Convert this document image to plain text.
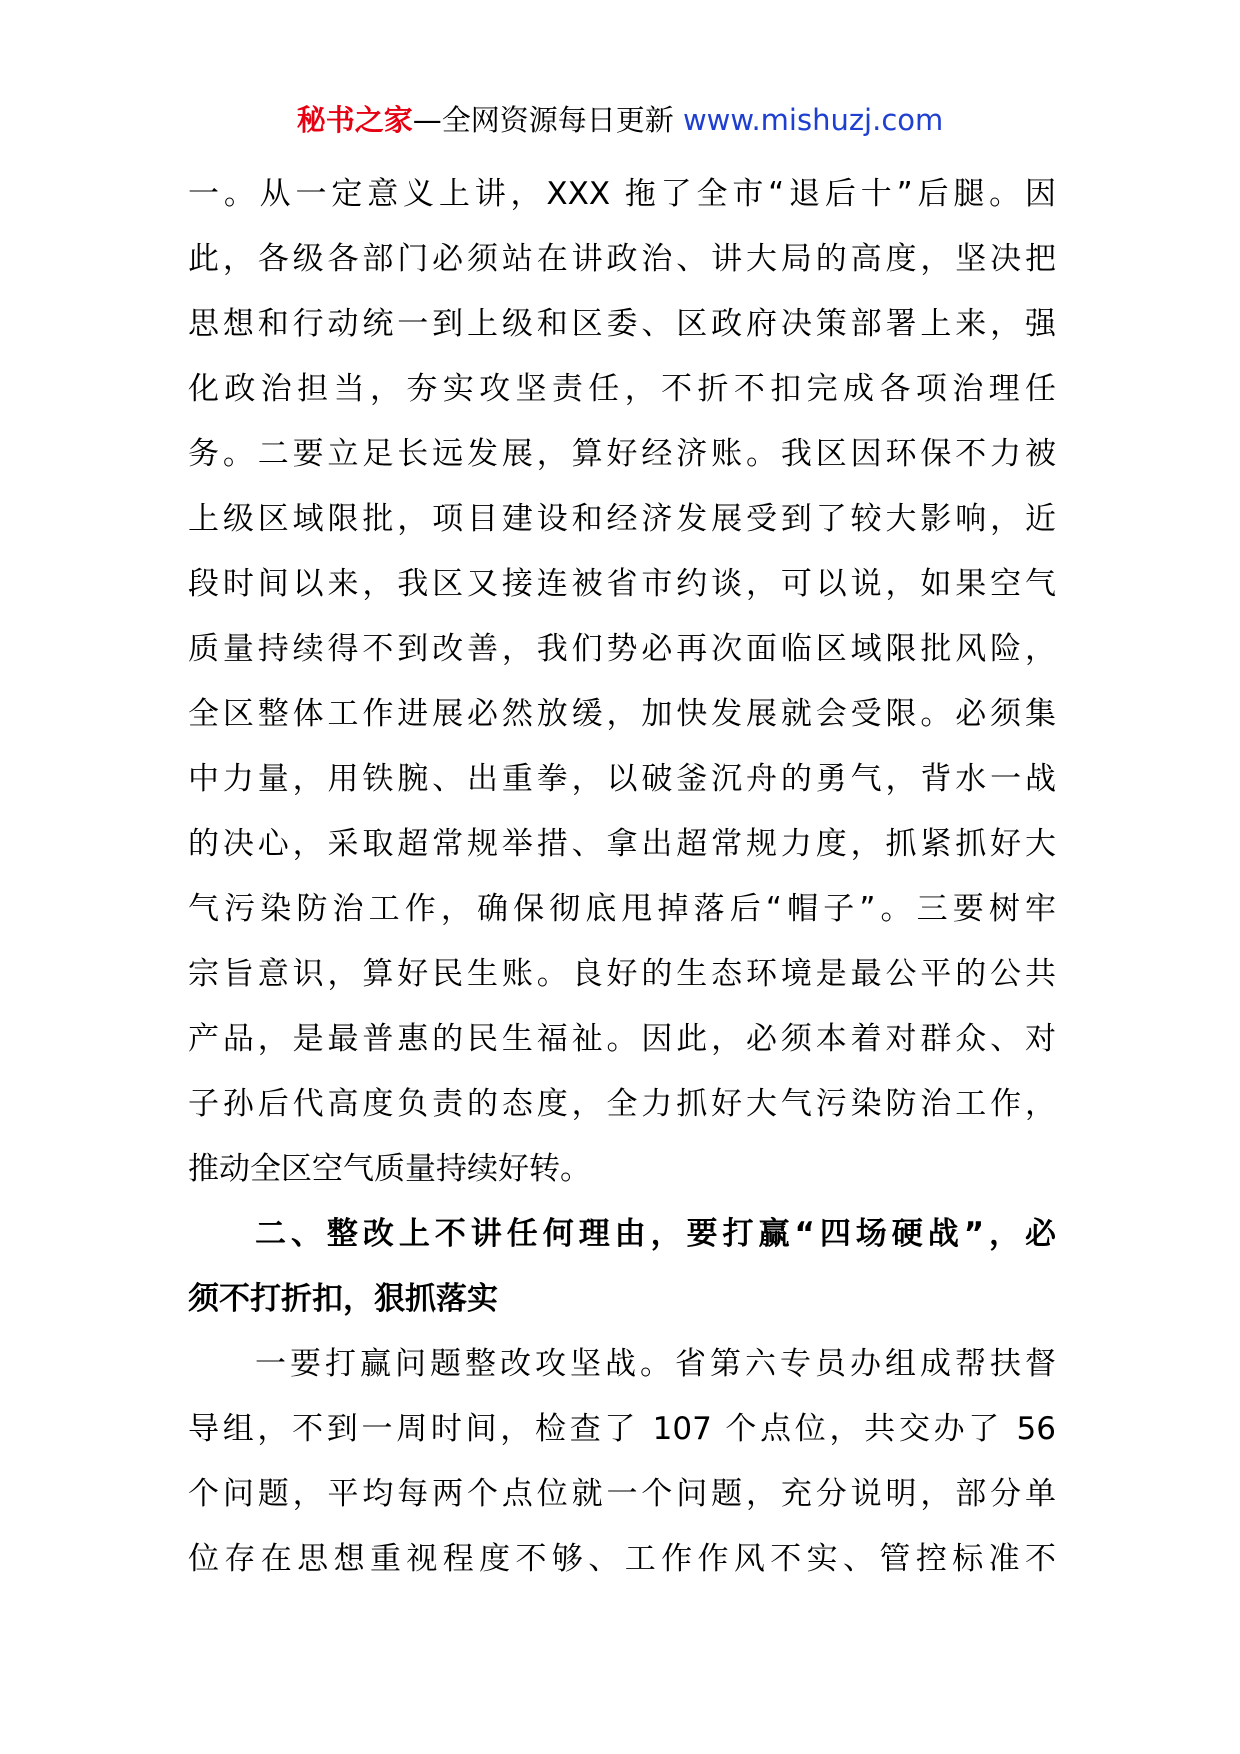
秘书之家—全网资源每日更新 www.mishuzj.com
一。从一定意义上讲，XXX 拖了全市“退后十”后腿。因
此，各级各部门必须站在讲政治、讲大局的高度，坚决把
思想和行动统一到上级和区委、区政府决策部署上来，强
化政治担当，夯实攻坚责任，不折不扣完成各项治理任
务。二要立足长远发展，算好经济账。我区因环保不力被
上级区域限批，项目建设和经济发展受到了较大影响，近
段时间以来，我区又接连被省市约谈，可以说，如果空气
质量持续得不到改善，我们势必再次面临区域限批风险，
全区整体工作进展必然放缓，加快发展就会受限。必须集
中力量，用铁腕、出重拳，以破釜沉舟的勇气，背水一战
的决心，采取超常规举措、拿出超常规力度，抓紧抓好大
气污染防治工作，确保彻底甩掉落后“帽子”。三要树牢
宗旨意识，算好民生账。良好的生态环境是最公平的公共
产品，是最普惠的民生福祉。因此，必须本着对群众、对
子孙后代高度负责的态度，全力抓好大气污染防治工作，
推动全区空气质量持续好转。
二、整改上不讲任何理由，要打赢“四场硬战”，必
须不打折扣，狠抓落实
一要打赢问题整改攻坚战。省第六专员办组成帮扶督
导组，不到一周时间，检查了 107 个点位，共交办了 56
个问题，平均每两个点位就一个问题，充分说明，部分单
位存在思想重视程度不够、工作作风不实、管控标准不
